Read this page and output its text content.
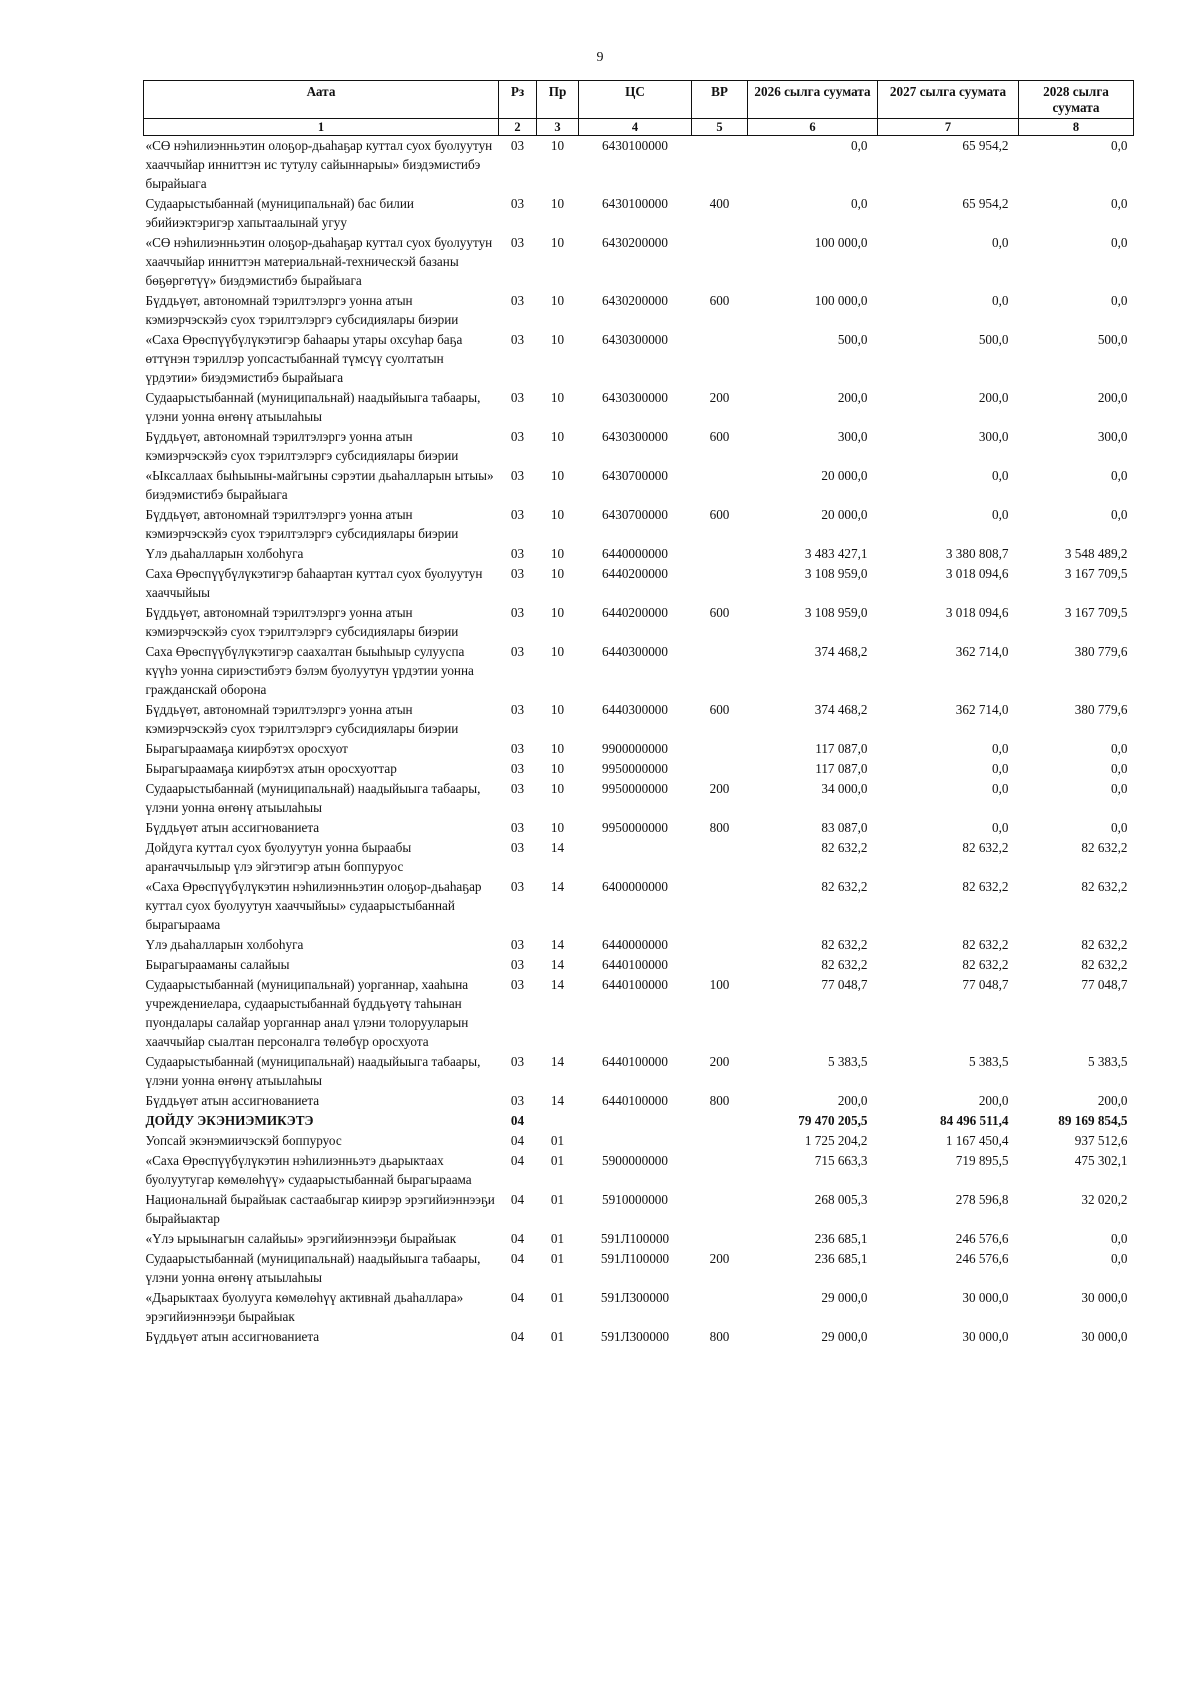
9
Аата	Рз	Пр	ЦС	ВР	2026 сылга суумата	2027 сылга суумата	2028 сылга суумата
1	2	3	4	5	6	7	8
«СӨ нэһилиэнньэтин олоҕор-дьаһаҕар куттал суох буолуутун хааччыйар инниттэн ис тутулу сайыннарыы» биэдэмистибэ бырайыага	03	10	6430100000		0,0	65 954,2	0,0
Судаарыстыбаннай (муниципальнай) бас билии эбийиэктэригэр хапытаалынай угуу	03	10	6430100000	400	0,0	65 954,2	0,0
«СӨ нэһилиэнньэтин олоҕор-дьаһаҕар куттал суох буолуутун хааччыйар инниттэн материальнай-техническэй базаны бөҕөргөтүү» биэдэмистибэ бырайыага	03	10	6430200000		100 000,0	0,0	0,0
Бүддьүөт, автономнай тэрилтэлэргэ уонна атын кэмиэрчэскэйэ суох тэрилтэлэргэ субсидиялары биэрии	03	10	6430200000	600	100 000,0	0,0	0,0
«Саха Өрөспүүбүлүкэтигэр баһаары утары охсуһар баҕа өттүнэн тэриллэр уопсастыбаннай түмсүү суолтатын үрдэтии» биэдэмистибэ бырайыага	03	10	6430300000		500,0	500,0	500,0
Судаарыстыбаннай (муниципальнай) наадыйыыга табаары, үлэни уонна өҥөнү атыылаһыы	03	10	6430300000	200	200,0	200,0	200,0
Бүддьүөт, автономнай тэрилтэлэргэ уонна атын кэмиэрчэскэйэ суох тэрилтэлэргэ субсидиялары биэрии	03	10	6430300000	600	300,0	300,0	300,0
«Ыксаллаах быһыыны-майгыны сэрэтии дьаһалларын ытыы» биэдэмистибэ бырайыага	03	10	6430700000		20 000,0	0,0	0,0
Бүддьүөт, автономнай тэрилтэлэргэ уонна атын кэмиэрчэскэйэ суох тэрилтэлэргэ субсидиялары биэрии	03	10	6430700000	600	20 000,0	0,0	0,0
Үлэ дьаһалларын холбоһуга	03	10	6440000000		3 483 427,1	3 380 808,7	3 548 489,2
Саха Өрөспүүбүлүкэтигэр баһаартан куттал суох буолуутун хааччыйыы	03	10	6440200000		3 108 959,0	3 018 094,6	3 167 709,5
Бүддьүөт, автономнай тэрилтэлэргэ уонна атын кэмиэрчэскэйэ суох тэрилтэлэргэ субсидиялары биэрии	03	10	6440200000	600	3 108 959,0	3 018 094,6	3 167 709,5
Саха Өрөспүүбүлүкэтигэр саахалтан быыһыыр сулууспа күүһэ уонна сириэстибэтэ бэлэм буолуутун үрдэтии уонна гражданскай оборона	03	10	6440300000		374 468,2	362 714,0	380 779,6
Бүддьүөт, автономнай тэрилтэлэргэ уонна атын кэмиэрчэскэйэ суох тэрилтэлэргэ субсидиялары биэрии	03	10	6440300000	600	374 468,2	362 714,0	380 779,6
Бырагыраамаҕа киирбэтэх оросхуот	03	10	9900000000		117 087,0	0,0	0,0
Бырагыраамаҕа киирбэтэх атын оросхуоттар	03	10	9950000000		117 087,0	0,0	0,0
Судаарыстыбаннай (муниципальнай) наадыйыыга табаары, үлэни уонна өҥөнү атыылаһыы	03	10	9950000000	200	34 000,0	0,0	0,0
Бүддьүөт атын ассигнованиета	03	10	9950000000	800	83 087,0	0,0	0,0
Дойдуга куттал суох буолуутун уонна быраабы араҥаччылыыр үлэ эйгэтигэр атын боппуруос	03	14			82 632,2	82 632,2	82 632,2
«Саха Өрөспүүбүлүкэтин нэһилиэнньэтин олоҕор-дьаһаҕар куттал суох буолуутун хааччыйыы» судаарыстыбаннай бырагыраама	03	14	6400000000		82 632,2	82 632,2	82 632,2
Үлэ дьаһалларын холбоһуга	03	14	6440000000		82 632,2	82 632,2	82 632,2
Бырагырааманы салайыы	03	14	6440100000		82 632,2	82 632,2	82 632,2
Судаарыстыбаннай (муниципальнай) уорганнар, хааһына учреждениелара, судаарыстыбаннай бүддьүөтү таһынан пуондалары салайар уорганнар анал үлэни толорууларын хааччыйар сыалтан персоналга төлөбүр оросхуота	03	14	6440100000	100	77 048,7	77 048,7	77 048,7
Судаарыстыбаннай (муниципальнай) наадыйыыга табаары, үлэни уонна өҥөнү атыылаһыы	03	14	6440100000	200	5 383,5	5 383,5	5 383,5
Бүддьүөт атын ассигнованиета	03	14	6440100000	800	200,0	200,0	200,0
ДОЙДУ ЭКЭНИЭМИКЭТЭ	04				79 470 205,5	84 496 511,4	89 169 854,5
Уопсай экэнэмиичэскэй боппуруос	04	01			1 725 204,2	1 167 450,4	937 512,6
«Саха Өрөспүүбүлүкэтин нэһилиэнньэтэ дьарыктаах буолуутугар көмөлөһүү» судаарыстыбаннай бырагыраама	04	01	5900000000		715 663,3	719 895,5	475 302,1
Национальнай бырайыак састаабыгар киирэр эрэгийиэннээҕи бырайыактар	04	01	5910000000		268 005,3	278 596,8	32 020,2
«Үлэ ырыынагын салайыы» эрэгийиэннээҕи бырайыак	04	01	591Л100000		236 685,1	246 576,6	0,0
Судаарыстыбаннай (муниципальнай) наадыйыыга табаары, үлэни уонна өҥөнү атыылаһыы	04	01	591Л100000	200	236 685,1	246 576,6	0,0
«Дьарыктаах буолууга көмөлөһүү активнай дьаһаллара» эрэгийиэннээҕи бырайыак	04	01	591Л300000		29 000,0	30 000,0	30 000,0
Бүддьүөт атын ассигнованиета	04	01	591Л300000	800	29 000,0	30 000,0	30 000,0
